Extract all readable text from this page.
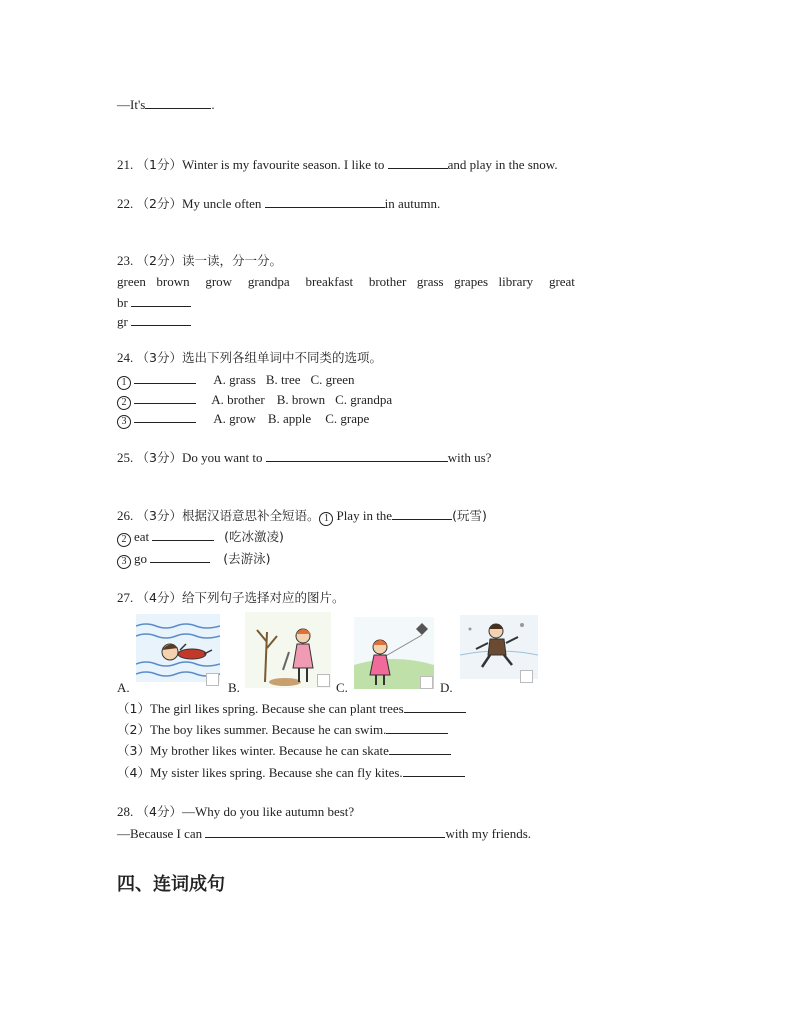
—It's	.
21. （1分）Winter is my favourite season. I like to	and play in the snow.
22. （2分）My uncle often	in autumn.
23. （2分）读一读，分一分。
green brown grow grandpa breakfast brother grass grapes library great
br
gr
24. （3分）选出下列各组单词中不同类的选项。
1	A. grass B. tree C. green
2	A. brother B. brown C. grandpa
3	A. grow B. apple C. grape
25. （3分）Do you want to	with us?
26. （3分）根据汉语意思补全短语。 1 Play in the	(玩雪)
2 eat	(吃冰激凌)
3 go	(去游泳)
27. （4分）给下列句子选择对应的图片。
A.	B.	C.	D.
（1）The girl likes spring. Because she can plant trees
（2）The boy likes summer. Because he can swim.
（3）My brother likes winter. Because he can skate
（4）My sister likes spring. Because she can fly kites.
28. （4分）—Why do you like autumn best?
—Because I can	with my friends.
四、连词成句
